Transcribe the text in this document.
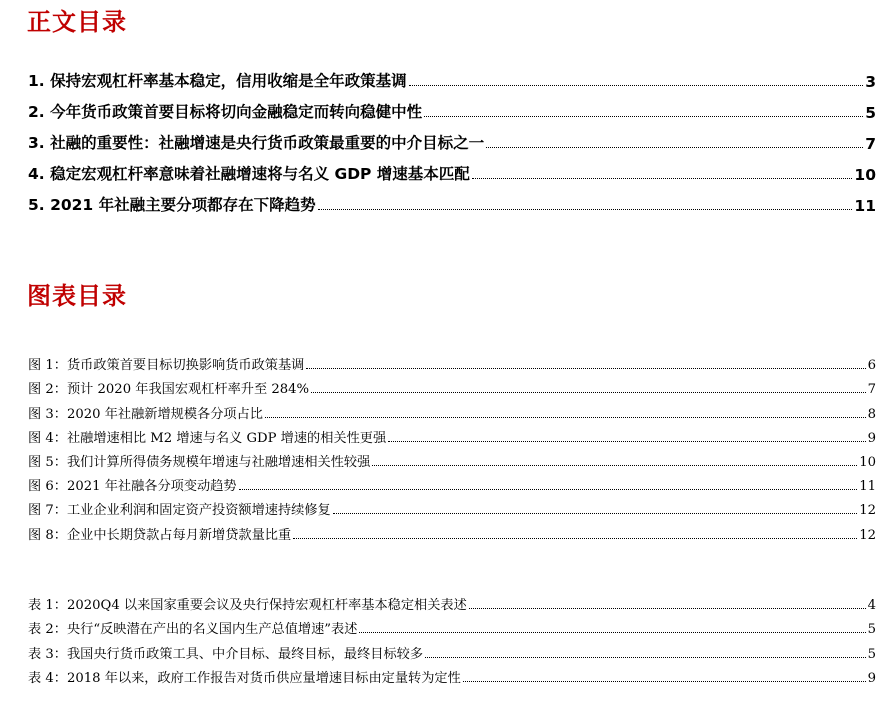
正文目录
1. 保持宏观杠杆率基本稳定，信用收缩是全年政策基调	3
2. 今年货币政策首要目标将切向金融稳定而转向稳健中性	5
3. 社融的重要性：社融增速是央行货币政策最重要的中介目标之一	7
4. 稳定宏观杠杆率意味着社融增速将与名义 GDP 增速基本匹配	10
5. 2021 年社融主要分项都存在下降趋势	11
图表目录
图 1：货币政策首要目标切换影响货币政策基调	6
图 2：预计 2020 年我国宏观杠杆率升至 284%	7
图 3：2020 年社融新增规模各分项占比	8
图 4：社融增速相比 M2 增速与名义 GDP 增速的相关性更强	9
图 5：我们计算所得债务规模年增速与社融增速相关性较强	10
图 6：2021 年社融各分项变动趋势	11
图 7：工业企业利润和固定资产投资额增速持续修复	12
图 8：企业中长期贷款占每月新增贷款量比重	12
表 1：2020Q4 以来国家重要会议及央行保持宏观杠杆率基本稳定相关表述	4
表 2：央行“反映潜在产出的名义国内生产总值增速”表述	5
表 3：我国央行货币政策工具、中介目标、最终目标，最终目标较多	5
表 4：2018 年以来，政府工作报告对货币供应量增速目标由定量转为定性	9
